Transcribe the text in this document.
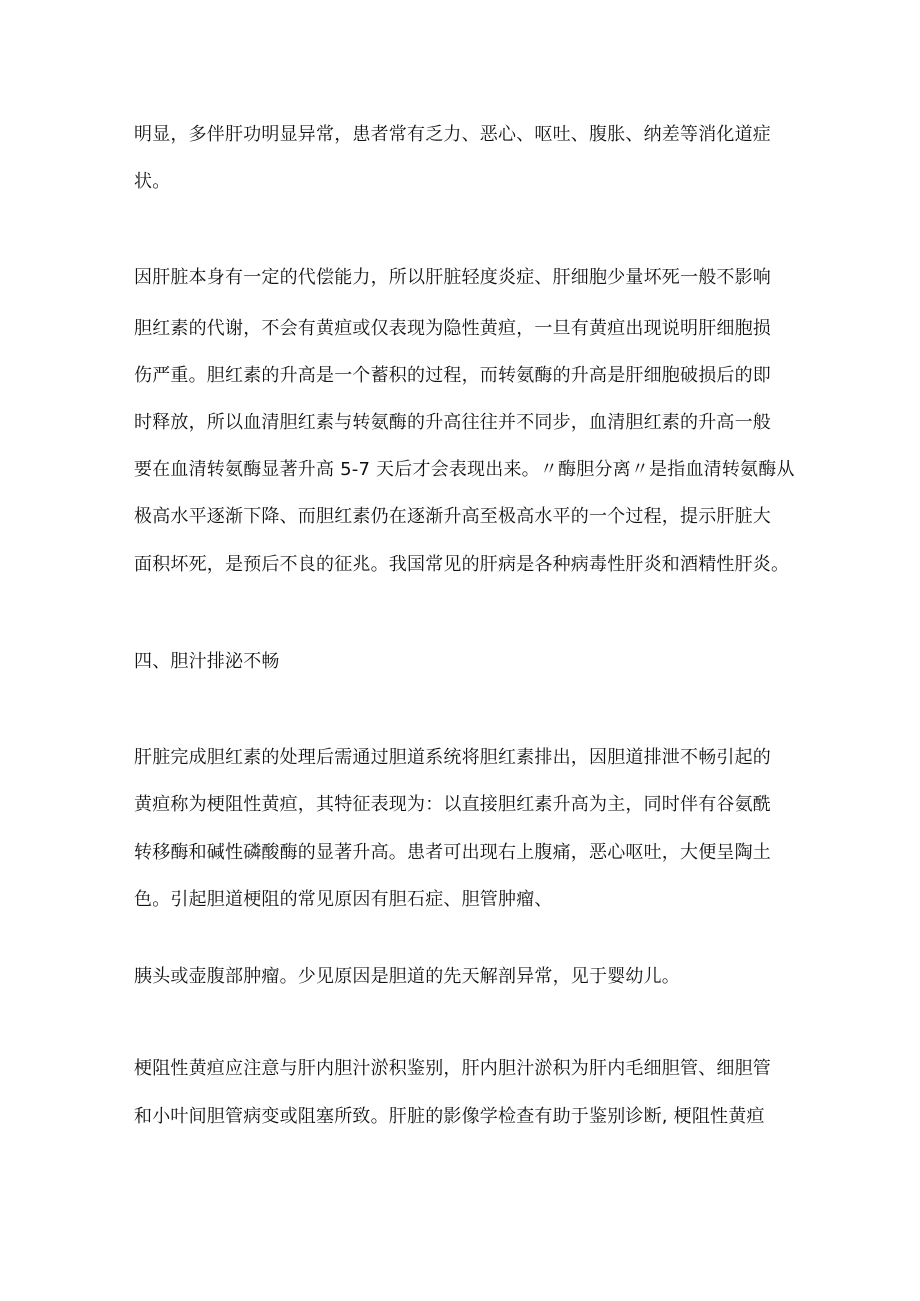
明显，多伴肝功明显异常，患者常有乏力、恶心、呕吐、腹胀、纳差等消化道症
状。
因肝脏本身有一定的代偿能力，所以肝脏轻度炎症、肝细胞少量坏死一般不影响
胆红素的代谢，不会有黄疸或仅表现为隐性黄疸，一旦有黄疸出现说明肝细胞损
伤严重。胆红素的升高是一个蓄积的过程，而转氨酶的升高是肝细胞破损后的即
时释放，所以血清胆红素与转氨酶的升高往往并不同步，血清胆红素的升高一般
要在血清转氨酶显著升高 5-7 天后才会表现出来。〃酶胆分离〃是指血清转氨酶从
极高水平逐渐下降、而胆红素仍在逐渐升高至极高水平的一个过程，提示肝脏大
面积坏死，是预后不良的征兆。我国常见的肝病是各种病毒性肝炎和酒精性肝炎。
四、胆汁排泌不畅
肝脏完成胆红素的处理后需通过胆道系统将胆红素排出，因胆道排泄不畅引起的
黄疸称为梗阻性黄疸，其特征表现为：以直接胆红素升高为主，同时伴有谷氨酰
转移酶和碱性磷酸酶的显著升高。患者可出现右上腹痛，恶心呕吐，大便呈陶土
色。引起胆道梗阻的常见原因有胆石症、胆管肿瘤、
胰头或壶腹部肿瘤。少见原因是胆道的先天解剖异常，见于婴幼儿。
梗阻性黄疸应注意与肝内胆汁淤积鉴别，肝内胆汁淤积为肝内毛细胆管、细胆管
和小叶间胆管病变或阻塞所致。肝脏的影像学检查有助于鉴别诊断, 梗阻性黄疸
